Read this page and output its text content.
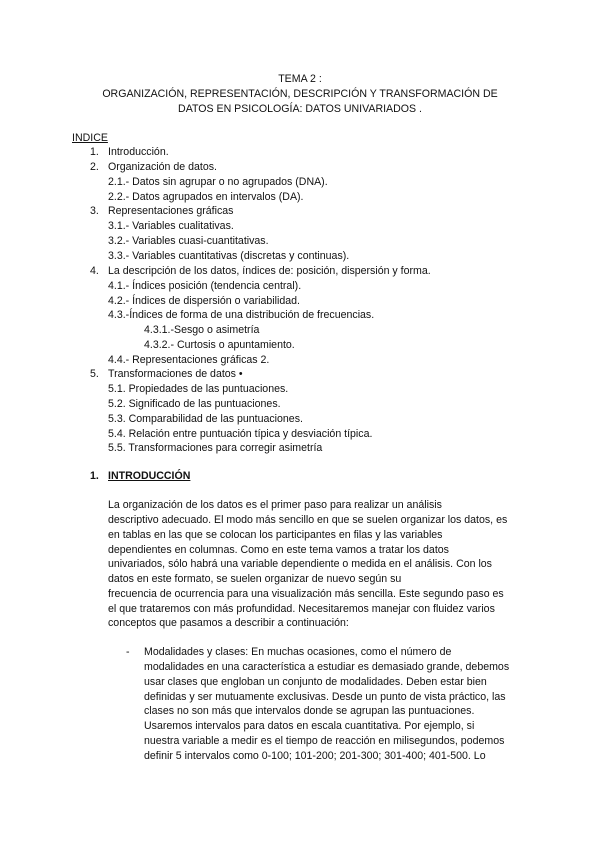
TEMA 2 :
ORGANIZACIÓN, REPRESENTACIÓN, DESCRIPCIÓN Y TRANSFORMACIÓN DE
DATOS EN PSICOLOGÍA: DATOS UNIVARIADOS .
INDICE
1. Introducción.
2. Organización de datos.
2.1.- Datos sin agrupar o no agrupados (DNA).
2.2.- Datos agrupados en intervalos (DA).
3. Representaciones gráficas
3.1.- Variables cualitativas.
3.2.- Variables cuasi-cuantitativas.
3.3.- Variables cuantitativas (discretas y continuas).
4. La descripción de los datos, índices de: posición, dispersión y forma.
4.1.- Índices posición (tendencia central).
4.2.- Índices de dispersión o variabilidad.
4.3.-Índices de forma de una distribución de frecuencias.
4.3.1.-Sesgo o asimetría
4.3.2.- Curtosis o apuntamiento.
4.4.- Representaciones gráficas 2.
5. Transformaciones de datos •
5.1. Propiedades de las puntuaciones.
5.2. Significado de las puntuaciones.
5.3. Comparabilidad de las puntuaciones.
5.4. Relación entre puntuación típica y desviación típica.
5.5. Transformaciones para corregir asimetría
1. INTRODUCCIÓN
La organización de los datos es el primer paso para realizar un análisis
descriptivo adecuado. El modo más sencillo en que se suelen organizar los datos, es
en tablas en las que se colocan los participantes en filas y las variables
dependientes en columnas. Como en este tema vamos a tratar los datos
univariados, sólo habrá una variable dependiente o medida en el análisis. Con los
datos en este formato, se suelen organizar de nuevo según su
frecuencia de ocurrencia para una visualización más sencilla. Este segundo paso es
el que trataremos con más profundidad. Necesitaremos manejar con fluidez varios
conceptos que pasamos a describir a continuación:
- Modalidades y clases: En muchas ocasiones, como el número de
modalidades en una característica a estudiar es demasiado grande, debemos
usar clases que engloban un conjunto de modalidades. Deben estar bien
definidas y ser mutuamente exclusivas. Desde un punto de vista práctico, las
clases no son más que intervalos donde se agrupan las puntuaciones.
Usaremos intervalos para datos en escala cuantitativa. Por ejemplo, si
nuestra variable a medir es el tiempo de reacción en milisegundos, podemos
definir 5 intervalos como 0-100; 101-200; 201-300; 301-400; 401-500. Lo
